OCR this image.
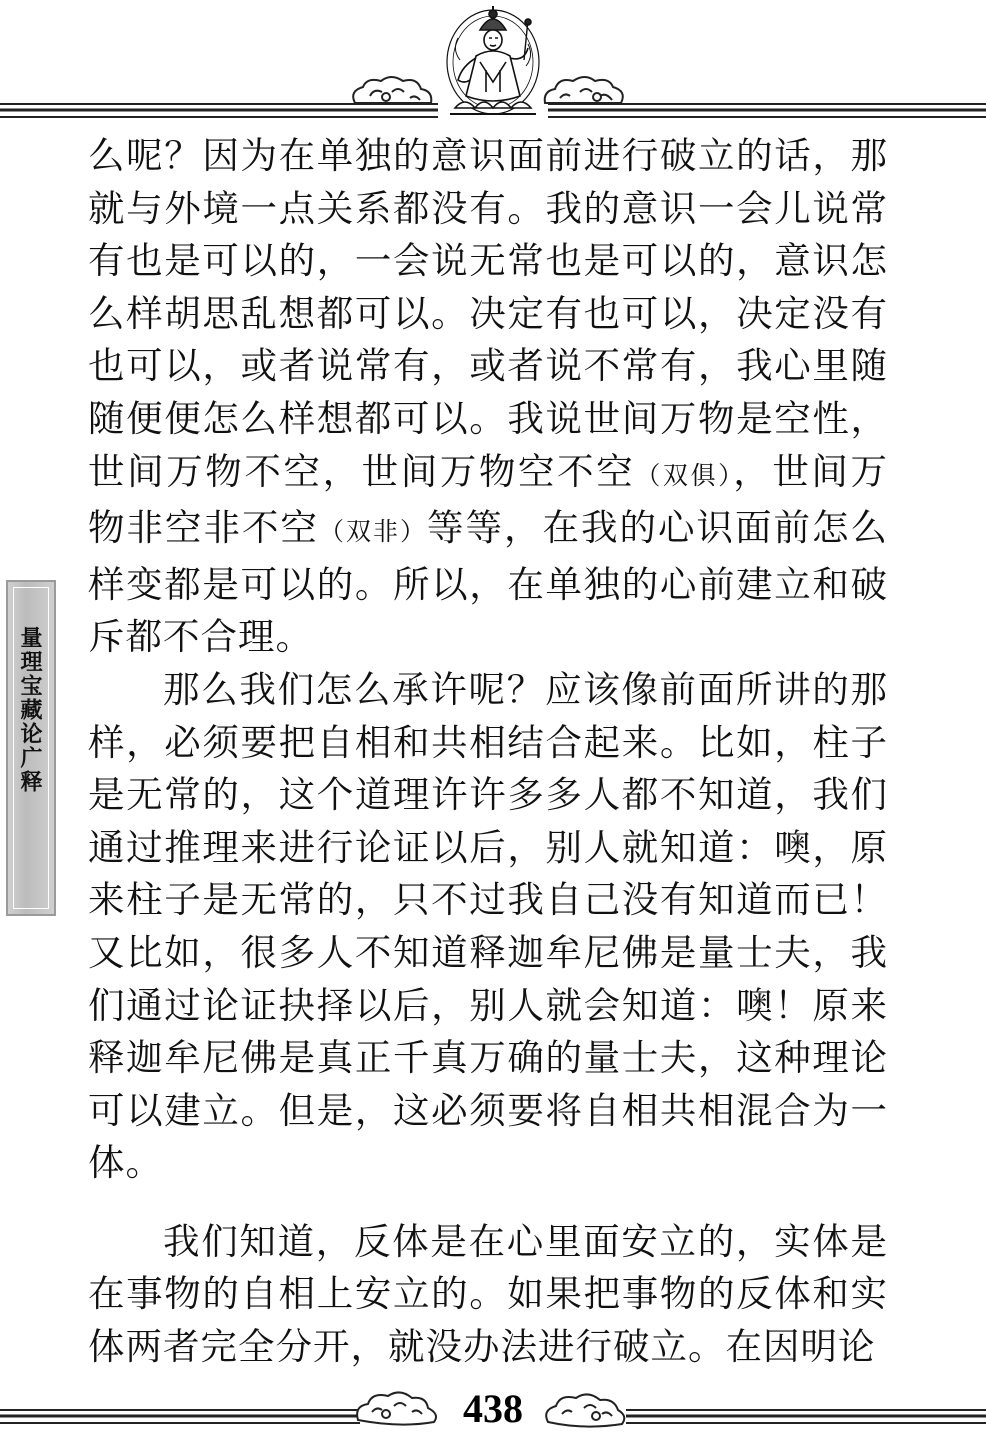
量理宝藏论广释

么呢？因为在单独的意识面前进行破立的话，那就与外境一点关系都没有。我的意识一会儿说常有也是可以的，一会说无常也是可以的，意识怎么样胡思乱想都可以。决定有也可以，决定没有也可以，或者说常有，或者说不常有，我心里随随便便怎么样想都可以。我说世间万物是空性，世间万物不空，世间万物空不空（双俱），世间万物非空非不空（双非）等等，在我的心识面前怎么样变都是可以的。所以，在单独的心前建立和破斥都不合理。

那么我们怎么承许呢？应该像前面所讲的那样，必须要把自相和共相结合起来。比如，柱子是无常的，这个道理许许多多人都不知道，我们通过推理来进行论证以后，别人就知道：噢，原来柱子是无常的，只不过我自己没有知道而已！又比如，很多人不知道释迦牟尼佛是量士夫，我们通过论证抉择以后，别人就会知道：噢！原来释迦牟尼佛是真正千真万确的量士夫，这种理论可以建立。但是，这必须要将自相共相混合为一体。

我们知道，反体是在心里面安立的，实体是在事物的自相上安立的。如果把事物的反体和实体两者完全分开，就没办法进行破立。在因明论

438
